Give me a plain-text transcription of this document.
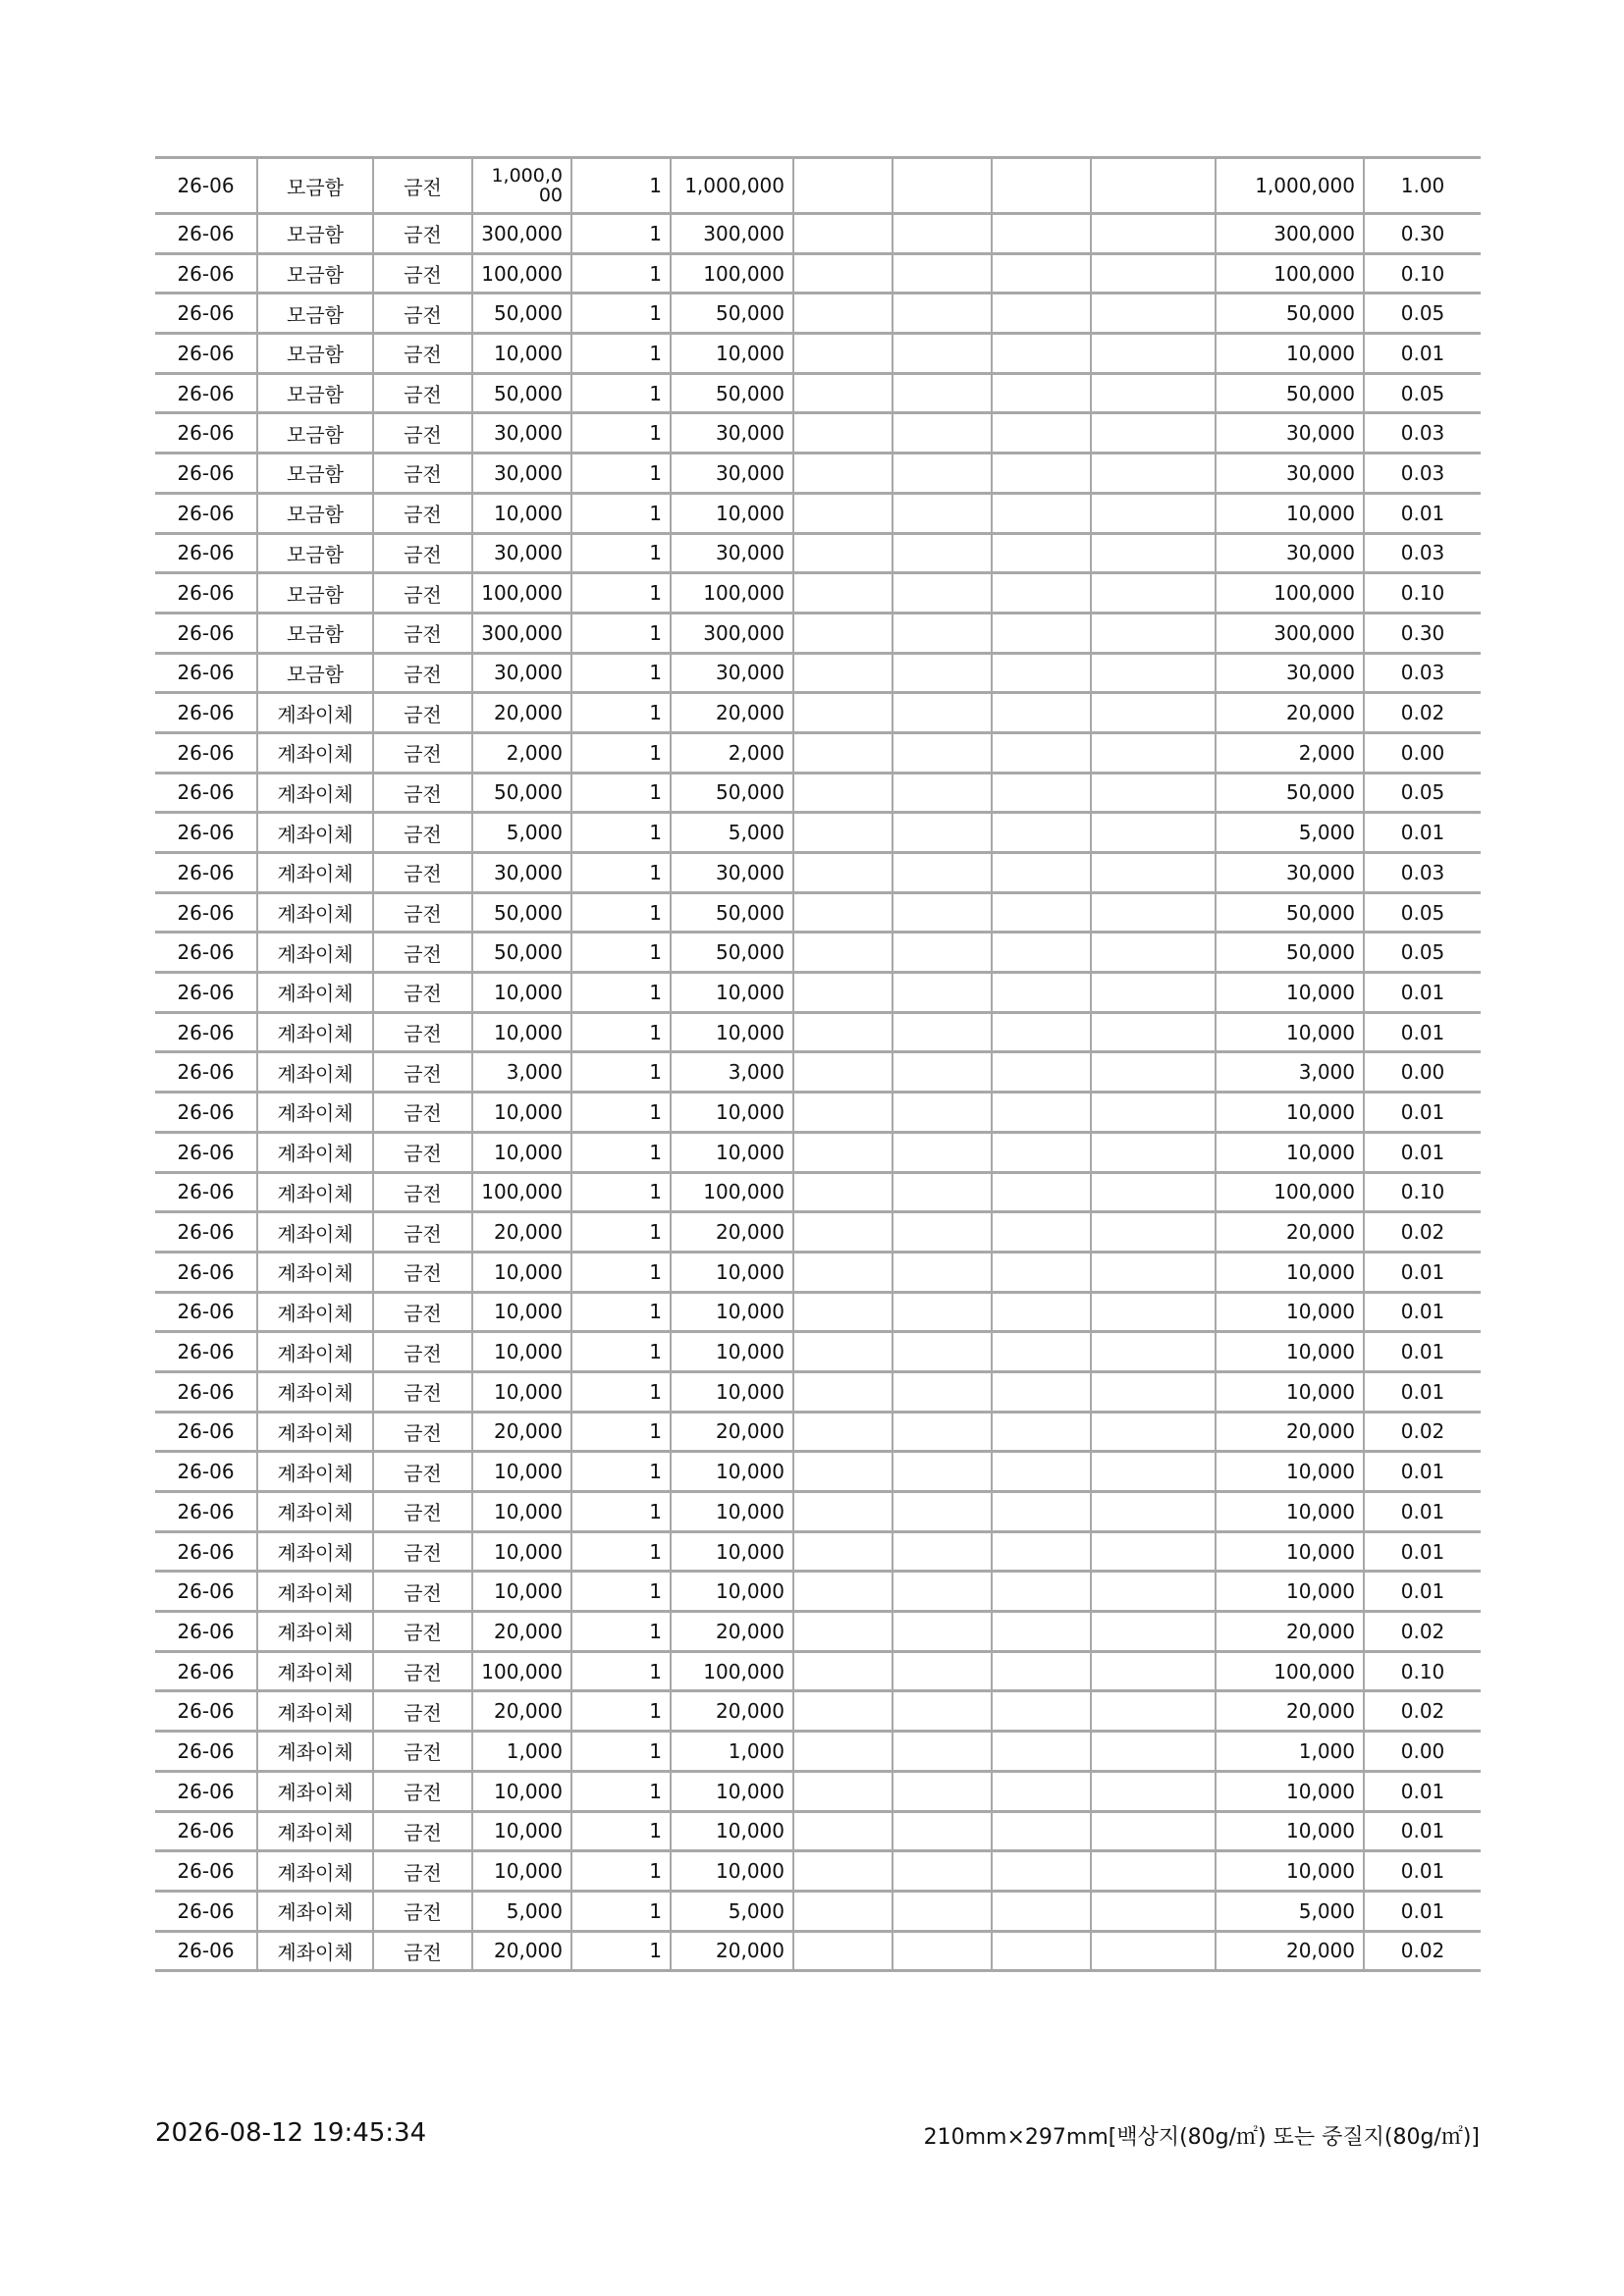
26-06	모금함	금전	1,000,000	1	1,000,000					1,000,000	1.00
26-06	모금함	금전	300,000	1	300,000					300,000	0.30
26-06	모금함	금전	100,000	1	100,000					100,000	0.10
26-06	모금함	금전	50,000	1	50,000					50,000	0.05
26-06	모금함	금전	10,000	1	10,000					10,000	0.01
26-06	모금함	금전	50,000	1	50,000					50,000	0.05
26-06	모금함	금전	30,000	1	30,000					30,000	0.03
26-06	모금함	금전	30,000	1	30,000					30,000	0.03
26-06	모금함	금전	10,000	1	10,000					10,000	0.01
26-06	모금함	금전	30,000	1	30,000					30,000	0.03
26-06	모금함	금전	100,000	1	100,000					100,000	0.10
26-06	모금함	금전	300,000	1	300,000					300,000	0.30
26-06	모금함	금전	30,000	1	30,000					30,000	0.03
26-06	계좌이체	금전	20,000	1	20,000					20,000	0.02
26-06	계좌이체	금전	2,000	1	2,000					2,000	0.00
26-06	계좌이체	금전	50,000	1	50,000					50,000	0.05
26-06	계좌이체	금전	5,000	1	5,000					5,000	0.01
26-06	계좌이체	금전	30,000	1	30,000					30,000	0.03
26-06	계좌이체	금전	50,000	1	50,000					50,000	0.05
26-06	계좌이체	금전	50,000	1	50,000					50,000	0.05
26-06	계좌이체	금전	10,000	1	10,000					10,000	0.01
26-06	계좌이체	금전	10,000	1	10,000					10,000	0.01
26-06	계좌이체	금전	3,000	1	3,000					3,000	0.00
26-06	계좌이체	금전	10,000	1	10,000					10,000	0.01
26-06	계좌이체	금전	10,000	1	10,000					10,000	0.01
26-06	계좌이체	금전	100,000	1	100,000					100,000	0.10
26-06	계좌이체	금전	20,000	1	20,000					20,000	0.02
26-06	계좌이체	금전	10,000	1	10,000					10,000	0.01
26-06	계좌이체	금전	10,000	1	10,000					10,000	0.01
26-06	계좌이체	금전	10,000	1	10,000					10,000	0.01
26-06	계좌이체	금전	10,000	1	10,000					10,000	0.01
26-06	계좌이체	금전	20,000	1	20,000					20,000	0.02
26-06	계좌이체	금전	10,000	1	10,000					10,000	0.01
26-06	계좌이체	금전	10,000	1	10,000					10,000	0.01
26-06	계좌이체	금전	10,000	1	10,000					10,000	0.01
26-06	계좌이체	금전	10,000	1	10,000					10,000	0.01
26-06	계좌이체	금전	20,000	1	20,000					20,000	0.02
26-06	계좌이체	금전	100,000	1	100,000					100,000	0.10
26-06	계좌이체	금전	20,000	1	20,000					20,000	0.02
26-06	계좌이체	금전	1,000	1	1,000					1,000	0.00
26-06	계좌이체	금전	10,000	1	10,000					10,000	0.01
26-06	계좌이체	금전	10,000	1	10,000					10,000	0.01
26-06	계좌이체	금전	10,000	1	10,000					10,000	0.01
26-06	계좌이체	금전	5,000	1	5,000					5,000	0.01
26-06	계좌이체	금전	20,000	1	20,000					20,000	0.02
2026-08-12 19:45:34	210mm×297mm[백상지(80g/㎡) 또는 중질지(80g/㎡)]
